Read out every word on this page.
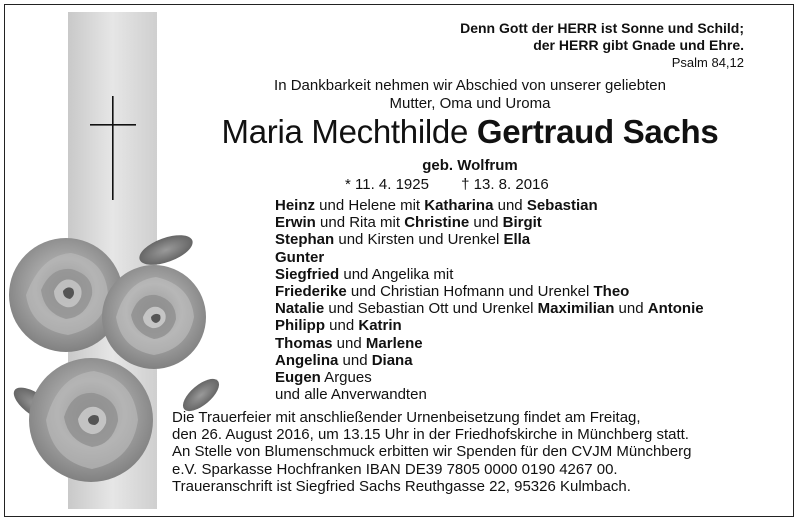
Denn Gott der HERR ist Sonne und Schild;
der HERR gibt Gnade und Ehre.
Psalm 84,12
In Dankbarkeit nehmen wir Abschied von unserer geliebten
Mutter, Oma und Uroma
Maria Mechthilde Gertraud Sachs
geb. Wolfrum
* 11. 4. 1925 † 13. 8. 2016
Heinz und Helene mit Katharina und Sebastian
Erwin und Rita mit Christine und Birgit
Stephan und Kirsten und Urenkel Ella
Gunter
Siegfried und Angelika mit
Friederike und Christian Hofmann und Urenkel Theo
Natalie und Sebastian Ott und Urenkel Maximilian und Antonie
Philipp und Katrin
Thomas und Marlene
Angelina und Diana
Eugen Argues
und alle Anverwandten
Die Trauerfeier mit anschließender Urnenbeisetzung findet am Freitag,
den 26. August 2016, um 13.15 Uhr in der Friedhofskirche in Münchberg statt.
An Stelle von Blumenschmuck erbitten wir Spenden für den CVJM Münchberg
e.V. Sparkasse Hochfranken IBAN DE39 7805 0000 0190 4267 00.
Traueranschrift ist Siegfried Sachs Reuthgasse 22, 95326 Kulmbach.
